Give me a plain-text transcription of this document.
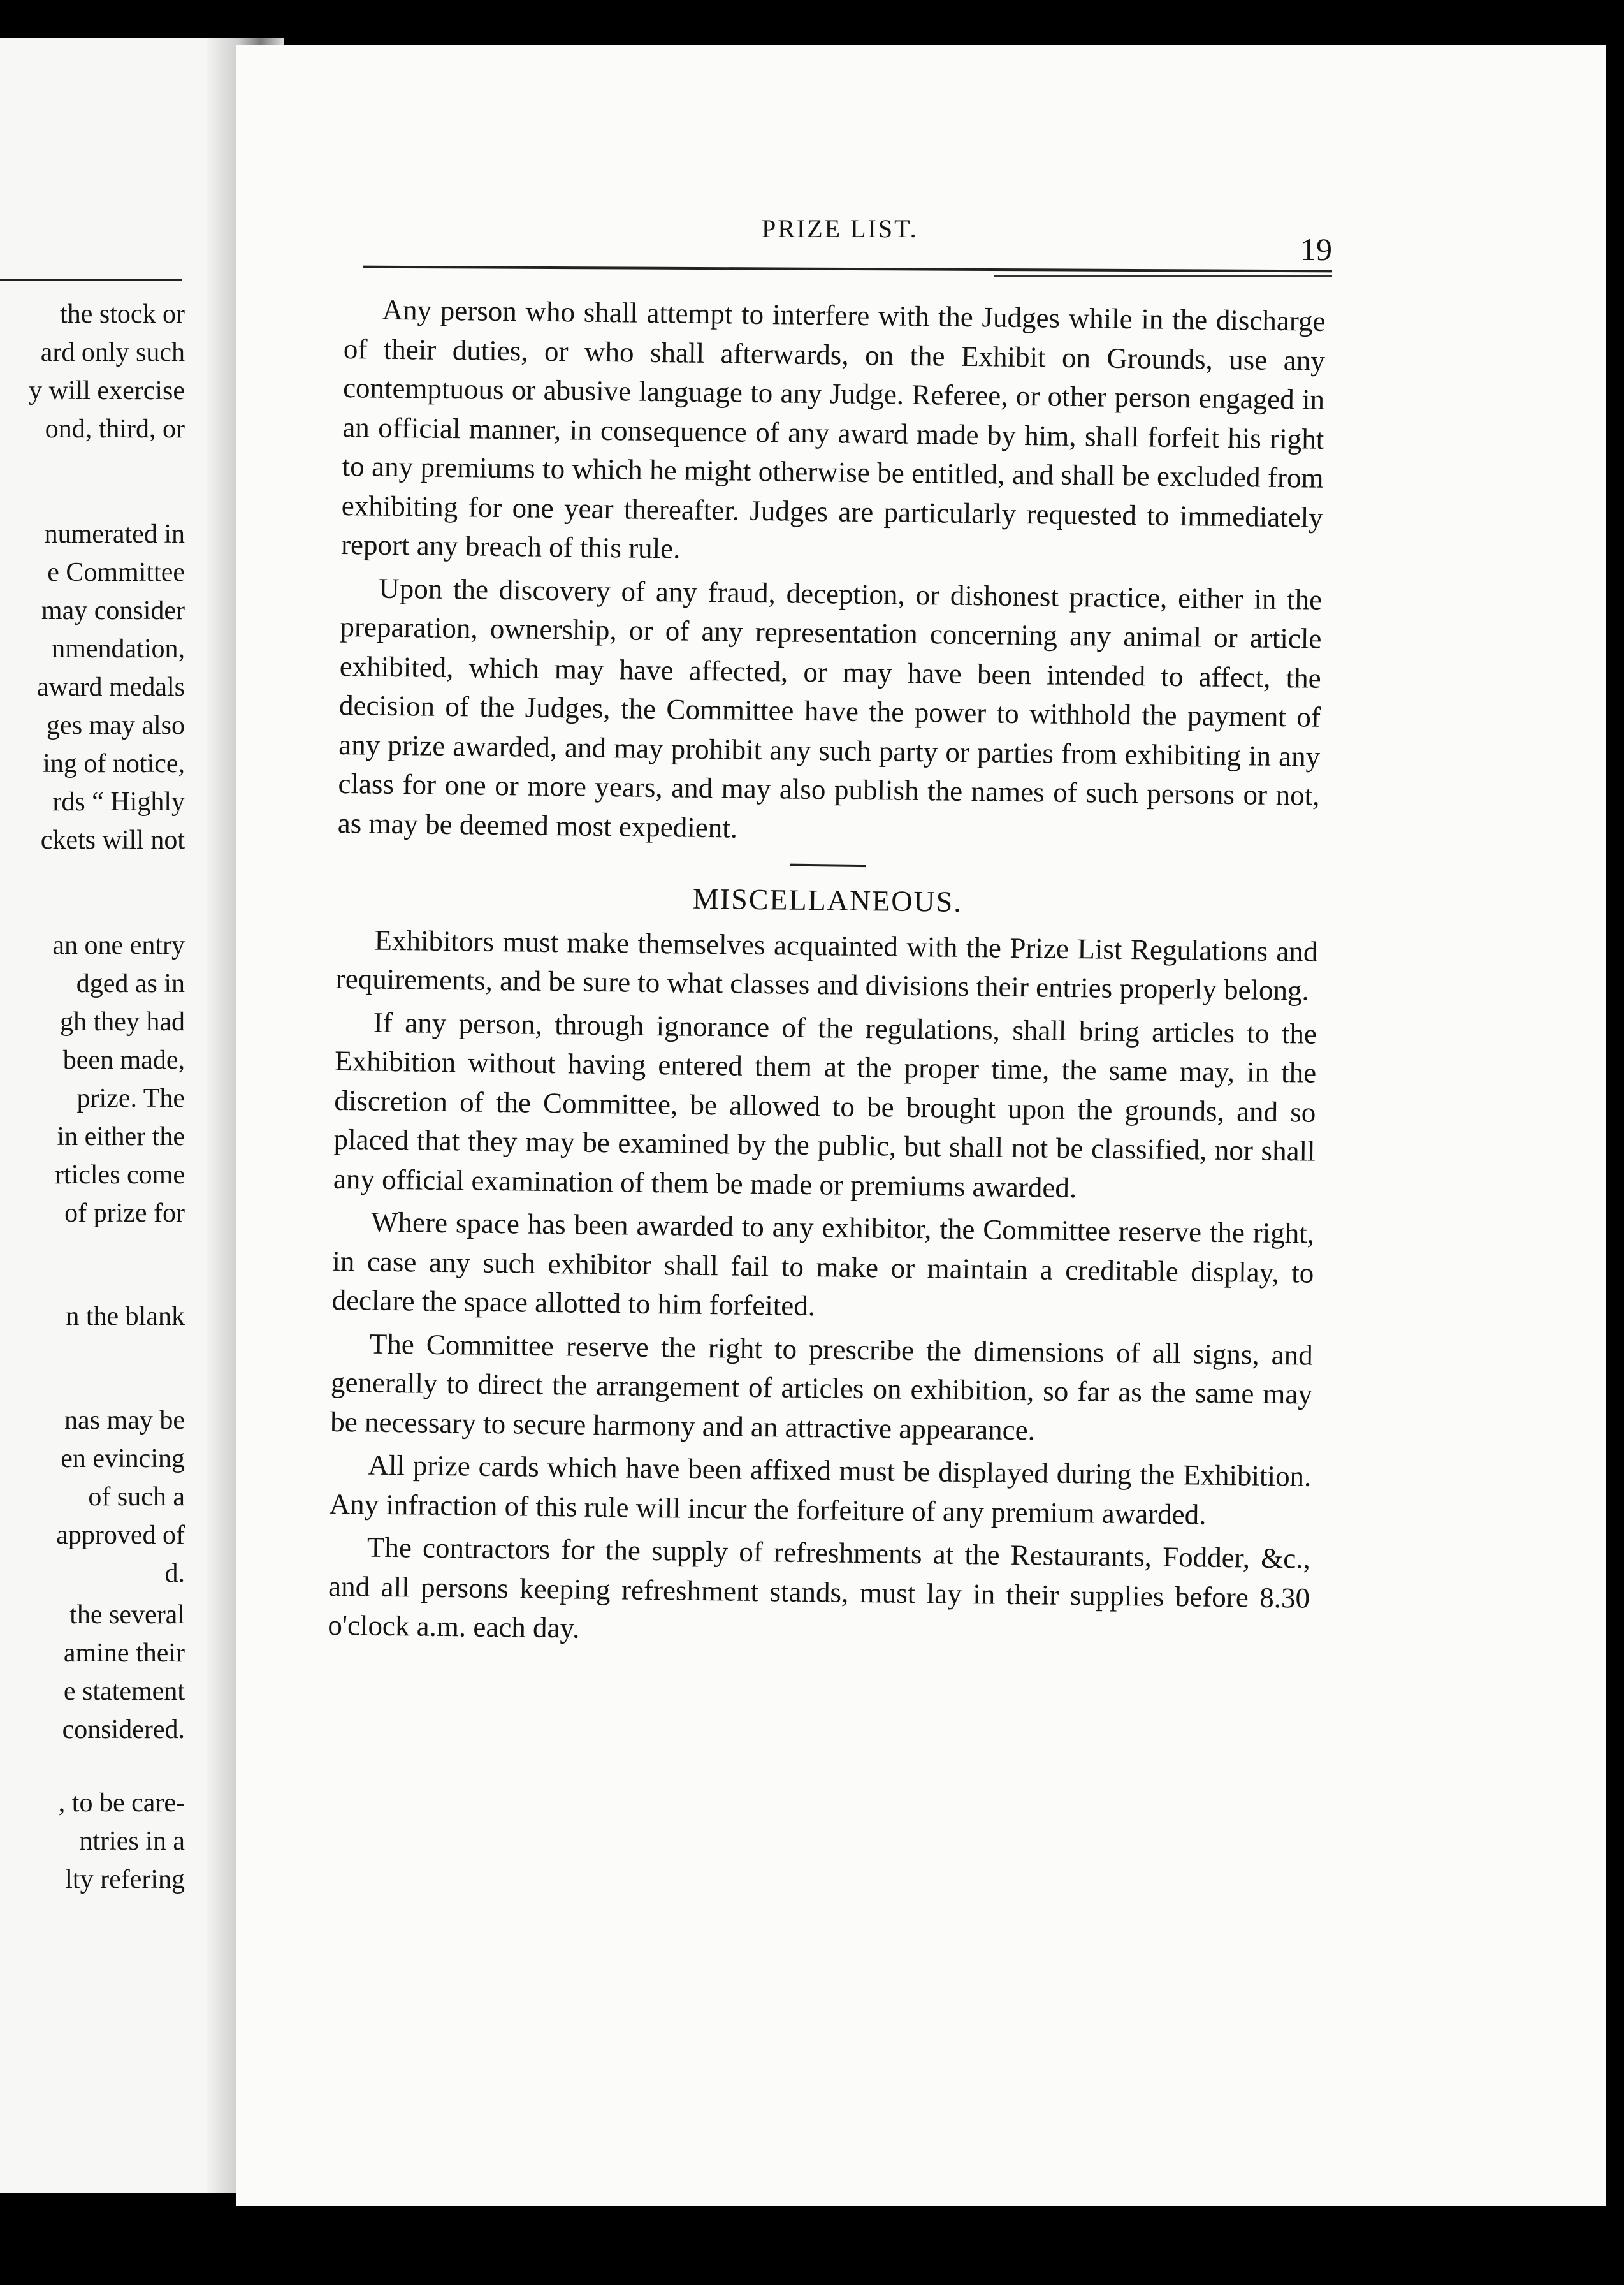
the stock or
ard only such
y will exercise
ond, third, or
numerated in
e Committee
may consider
nmendation,
award medals
ges may also
ing of notice,
rds “ Highly
ckets will not
an one entry
dged as in
gh they had
been made,
prize. The
in either the
rticles come
of prize for
n the blank
nas may be
en evincing
of such a
approved of
d.
the several
amine their
e statement
considered.
, to be care-
ntries in a
lty refering
PRIZE LIST.
19

Any person who shall attempt to interfere with the Judges while in the discharge of their duties, or who shall afterwards, on the Exhibit on Grounds, use any contemptuous or abusive language to any Judge. Referee, or other person engaged in an official manner, in consequence of any award made by him, shall forfeit his right to any premiums to which he might otherwise be entitled, and shall be excluded from exhibiting for one year thereafter. Judges are particularly requested to immediately report any breach of this rule.

Upon the discovery of any fraud, deception, or dishonest practice, either in the preparation, ownership, or of any representation concerning any animal or article exhibited, which may have affected, or may have been intended to affect, the decision of the Judges, the Committee have the power to withhold the payment of any prize awarded, and may prohibit any such party or parties from exhibiting in any class for one or more years, and may also publish the names of such persons or not, as may be deemed most expedient.

MISCELLANEOUS.

Exhibitors must make themselves acquainted with the Prize List Regulations and requirements, and be sure to what classes and divisions their entries properly belong.

If any person, through ignorance of the regulations, shall bring articles to the Exhibition without having entered them at the proper time, the same may, in the discretion of the Committee, be allowed to be brought upon the grounds, and so placed that they may be examined by the public, but shall not be classified, nor shall any official examination of them be made or premiums awarded.

Where space has been awarded to any exhibitor, the Committee reserve the right, in case any such exhibitor shall fail to make or maintain a creditable display, to declare the space allotted to him forfeited.

The Committee reserve the right to prescribe the dimensions of all signs, and generally to direct the arrangement of articles on exhibition, so far as the same may be necessary to secure harmony and an attractive appearance.

All prize cards which have been affixed must be displayed during the Exhibition. Any infraction of this rule will incur the forfeiture of any premium awarded.

The contractors for the supply of refreshments at the Restaurants, Fodder, &c., and all persons keeping refreshment stands, must lay in their supplies before 8.30 o'clock a.m. each day.
